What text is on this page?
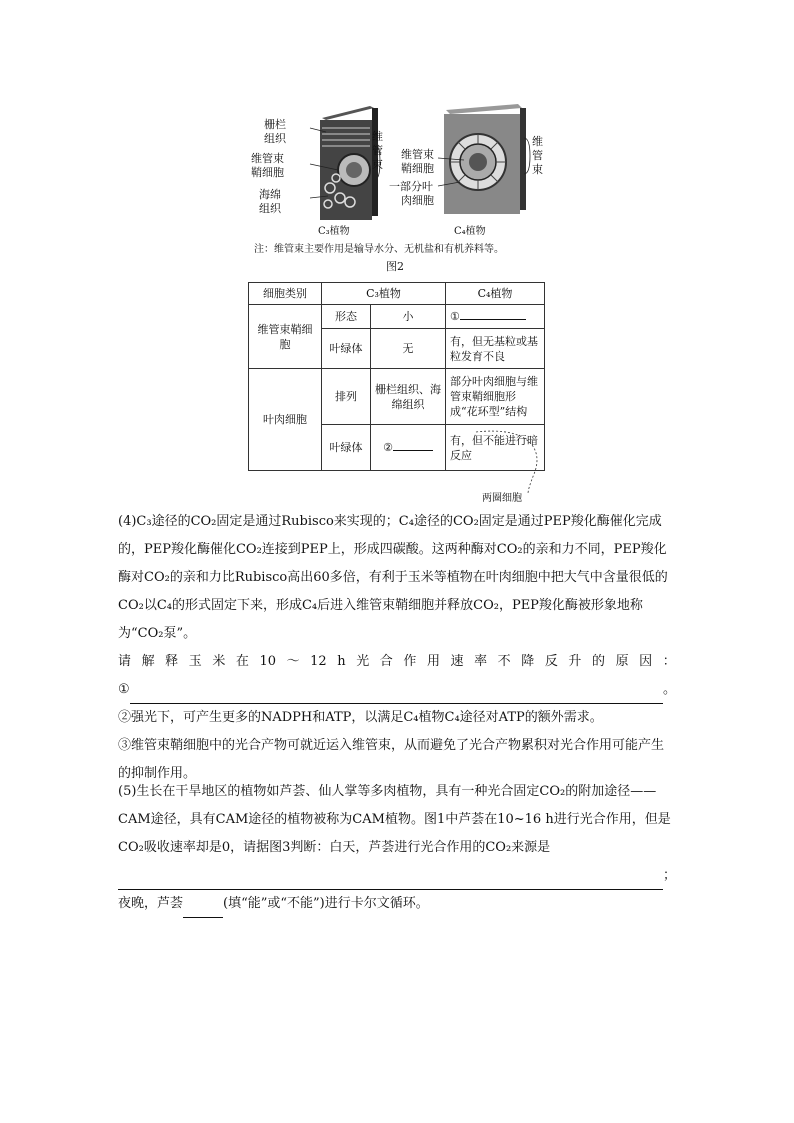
栅栏
组织
维管束
鞘细胞
海绵
组织
维
管
束
维管束
鞘细胞
一部分叶
肉细胞
维
管
束
C₃植物	C₄植物
注：维管束主要作用是输导水分、无机盐和有机养料等。
图2
细胞类别	C₃植物		C₄植物
维管束鞘细胞	形态	小	①
	叶绿体	无	有，但无基粒或基粒发育不良
叶肉细胞	排列	栅栏组织、海绵组织	部分叶肉细胞与维管束鞘细胞形成“花环型”结构
	叶绿体	②	有，但不能进行暗反应
两圈细胞

(4)C₃途径的CO₂固定是通过Rubisco来实现的；C₄途径的CO₂固定是通过PEP羧化酶催化完成的，PEP羧化酶催化CO₂连接到PEP上，形成四碳酸。这两种酶对CO₂的亲和力不同，PEP羧化酶对CO₂的亲和力比Rubisco高出60多倍，有利于玉米等植物在叶肉细胞中把大气中含量很低的CO₂以C₄的形式固定下来，形成C₄后进入维管束鞘细胞并释放CO₂，PEP羧化酶被形象地称为“CO₂泵”。

请 解 释 玉 米 在 10 ～ 12 h 光 合 作 用 速 率 不 降 反 升 的 原 因 ：
①	。

②强光下，可产生更多的NADPH和ATP，以满足C₄植物C₄途径对ATP的额外需求。

③维管束鞘细胞中的光合产物可就近运入维管束，从而避免了光合产物累积对光合作用可能产生的抑制作用。

(5)生长在干旱地区的植物如芦荟、仙人掌等多肉植物，具有一种光合固定CO₂的附加途径——CAM途径，具有CAM途径的植物被称为CAM植物。图1中芦荟在10~16 h进行光合作用，但是CO₂吸收速率却是0，请据图3判断：白天，芦荟进行光合作用的CO₂来源是

；
夜晚，芦荟	(填“能”或“不能”)进行卡尔文循环。
